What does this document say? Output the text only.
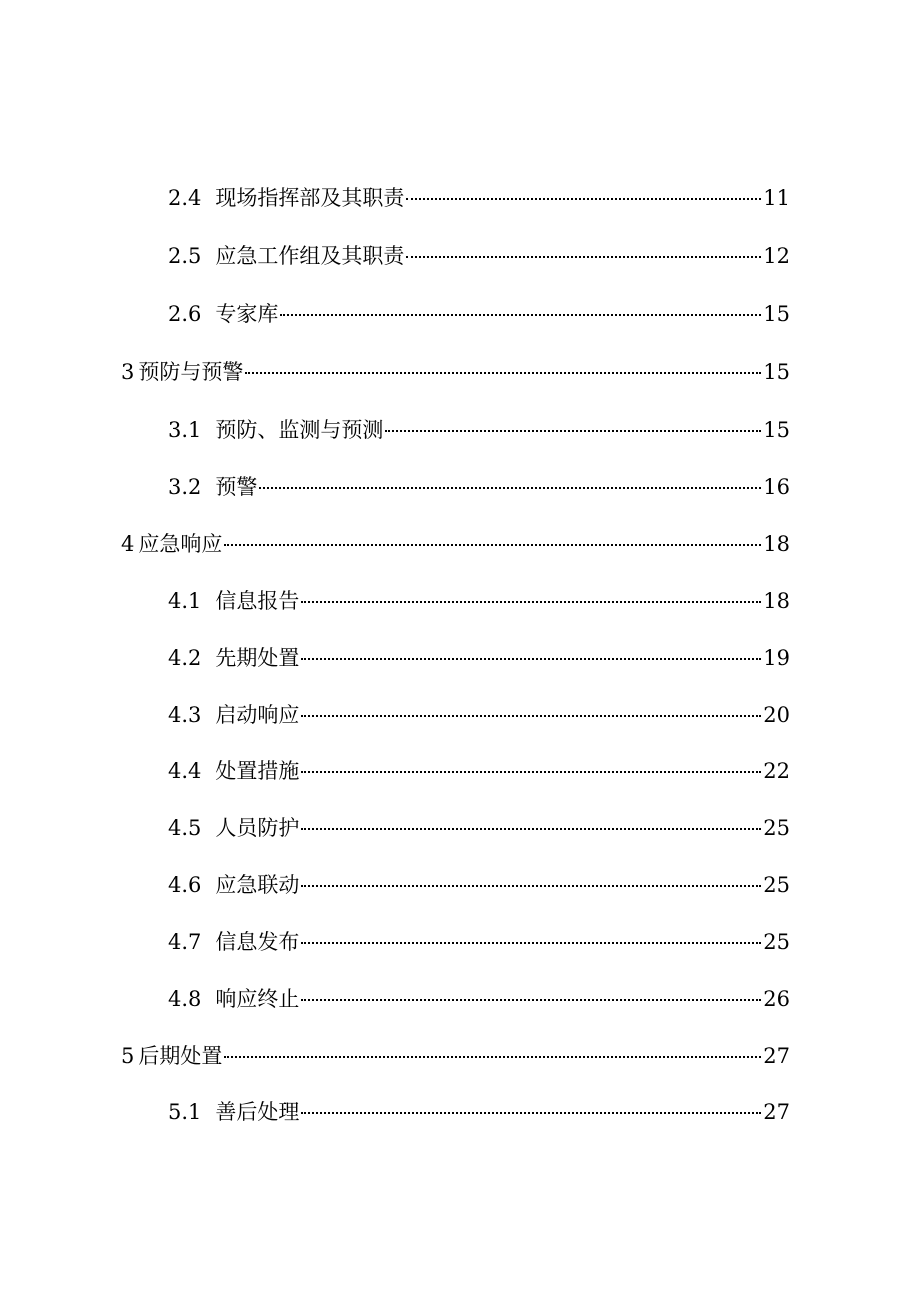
2.4 现场指挥部及其职责	11
2.5 应急工作组及其职责	12
2.6 专家库	15
3 预防与预警	15
3.1 预防、监测与预测	15
3.2 预警	16
4 应急响应	18
4.1 信息报告	18
4.2 先期处置	19
4.3 启动响应	20
4.4 处置措施	22
4.5 人员防护	25
4.6 应急联动	25
4.7 信息发布	25
4.8 响应终止	26
5 后期处置	27
5.1 善后处理	27
